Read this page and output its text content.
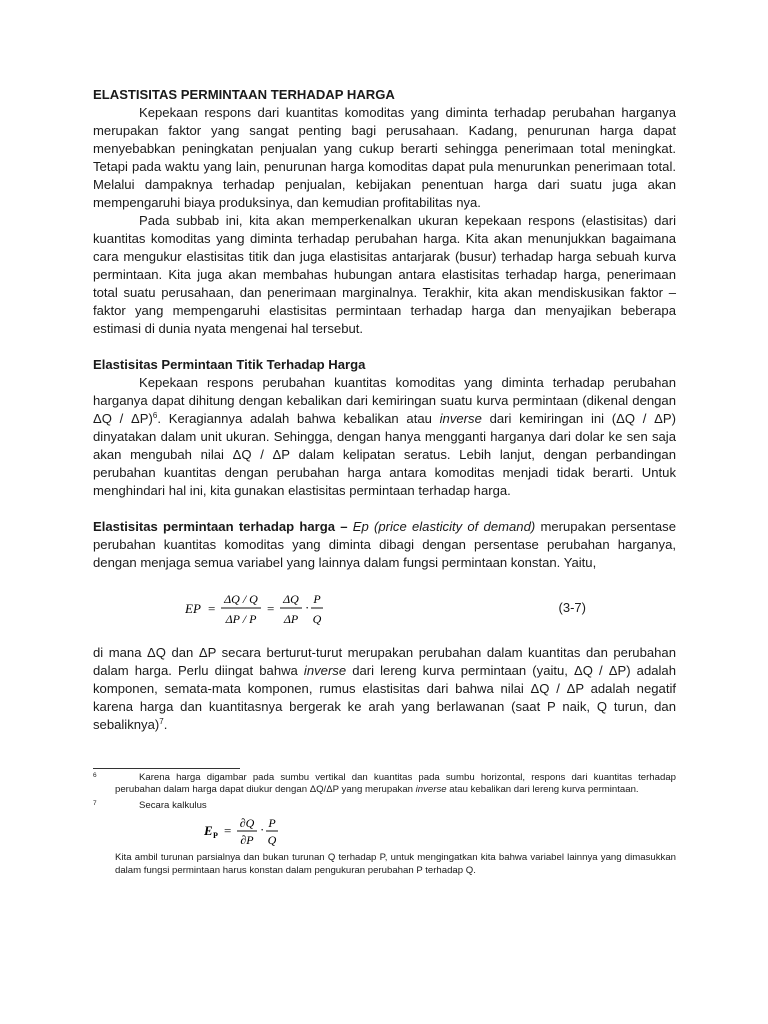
ELASTISITAS PERMINTAAN TERHADAP HARGA

Kepekaan respons dari kuantitas komoditas yang diminta terhadap perubahan harganya merupakan faktor yang sangat penting bagi perusahaan. Kadang, penurunan harga dapat menyebabkan peningkatan penjualan yang cukup berarti sehingga penerimaan total meningkat. Tetapi pada waktu yang lain, penurunan harga komoditas dapat pula menurunkan penerimaan total. Melalui dampaknya terhadap penjualan, kebijakan penentuan harga dari suatu juga akan mempengaruhi biaya produksinya, dan kemudian profitabilitas nya.

Pada subbab ini, kita akan memperkenalkan ukuran kepekaan respons (elastisitas) dari kuantitas komoditas yang diminta terhadap perubahan harga. Kita akan menunjukkan bagaimana cara mengukur elastisitas titik dan juga elastisitas antarjarak (busur) terhadap harga sebuah kurva permintaan. Kita juga akan membahas hubungan antara elastisitas terhadap harga, penerimaan total suatu perusahaan, dan penerimaan marginalnya. Terakhir, kita akan mendiskusikan faktor – faktor yang mempengaruhi elastisitas permintaan terhadap harga dan menyajikan beberapa estimasi di dunia nyata mengenai hal tersebut.

Elastisitas Permintaan Titik Terhadap Harga

Kepekaan respons perubahan kuantitas komoditas yang diminta terhadap perubahan harganya dapat dihitung dengan kebalikan dari kemiringan suatu kurva permintaan (dikenal dengan ΔQ / ΔP)$^6$. Keragiannya adalah bahwa kebalikan atau inverse dari kemiringan ini (ΔQ / ΔP) dinyatakan dalam unit ukuran. Sehingga, dengan hanya mengganti harganya dari dolar ke sen saja akan mengubah nilai ΔQ / ΔP dalam kelipatan seratus. Lebih lanjut, dengan perbandingan perubahan kuantitas dengan perubahan harga antara komoditas menjadi tidak berarti. Untuk menghindari hal ini, kita gunakan elastisitas permintaan terhadap harga.

Elastisitas permintaan terhadap harga – Ep (price elasticity of demand) merupakan persentase perubahan kuantitas komoditas yang diminta dibagi dengan persentase perubahan harganya, dengan menjaga semua variabel yang lainnya dalam fungsi permintaan konstan. Yaitu,

EP =
ΔQ / Q
ΔP / P
=
ΔQ
ΔP
·
P
Q
(3-7)

di mana ΔQ dan ΔP secara berturut-turut merupakan perubahan dalam kuantitas dan perubahan dalam harga. Perlu diingat bahwa inverse dari lereng kurva permintaan (yaitu, ΔQ / ΔP) adalah komponen, semata-mata komponen, rumus elastisitas dari bahwa nilai ΔQ / ΔP adalah negatif karena harga dan kuantitasnya bergerak ke arah yang berlawanan (saat P naik, Q turun, dan sebaliknya)$^7$.

6	Karena harga digambar pada sumbu vertikal dan kuantitas pada sumbu horizontal, respons dari kuantitas terhadap perubahan dalam harga dapat diukur dengan ΔQ/ΔP yang merupakan inverse atau kebalikan dari lereng kurva permintaan.
7	Secara kalkulus
E P = ∂Q
∂P
· P
Q
Kita ambil turunan parsialnya dan bukan turunan Q terhadap P, untuk mengingatkan kita bahwa variabel lainnya yang dimasukkan dalam fungsi permintaan harus konstan dalam pengukuran perubahan P terhadap Q.
